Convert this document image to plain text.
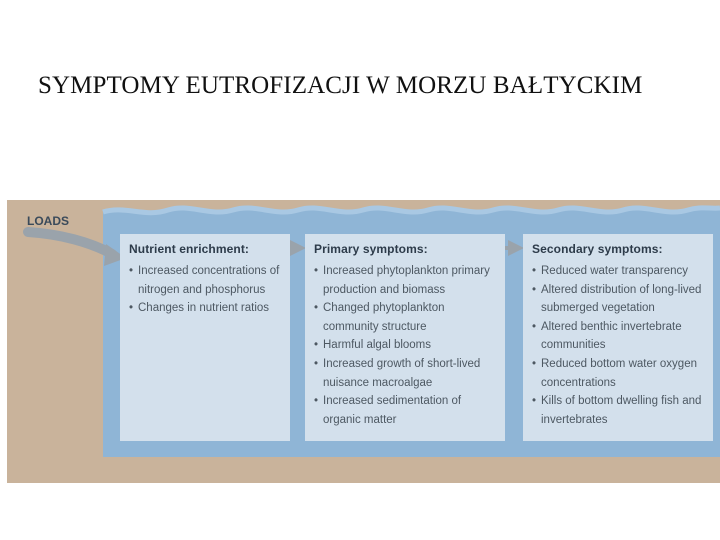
SYMPTOMY EUTROFIZACJI W MORZU BAŁTYCKIM
LOADS
Nutrient enrichment:
• Increased concentrations of nitrogen and phosphorus
• Changes in nutrient ratios
Primary symptoms:
• Increased phytoplankton primary production and biomass
• Changed phytoplankton community structure
• Harmful algal blooms
• Increased growth of short-lived nuisance macroalgae
• Increased sedimentation of organic matter
Secondary symptoms:
• Reduced water transparency
• Altered distribution of long-lived submerged vegetation
• Altered benthic invertebrate communities
• Reduced bottom water oxygen concentrations
• Kills of bottom dwelling fish and invertebrates
